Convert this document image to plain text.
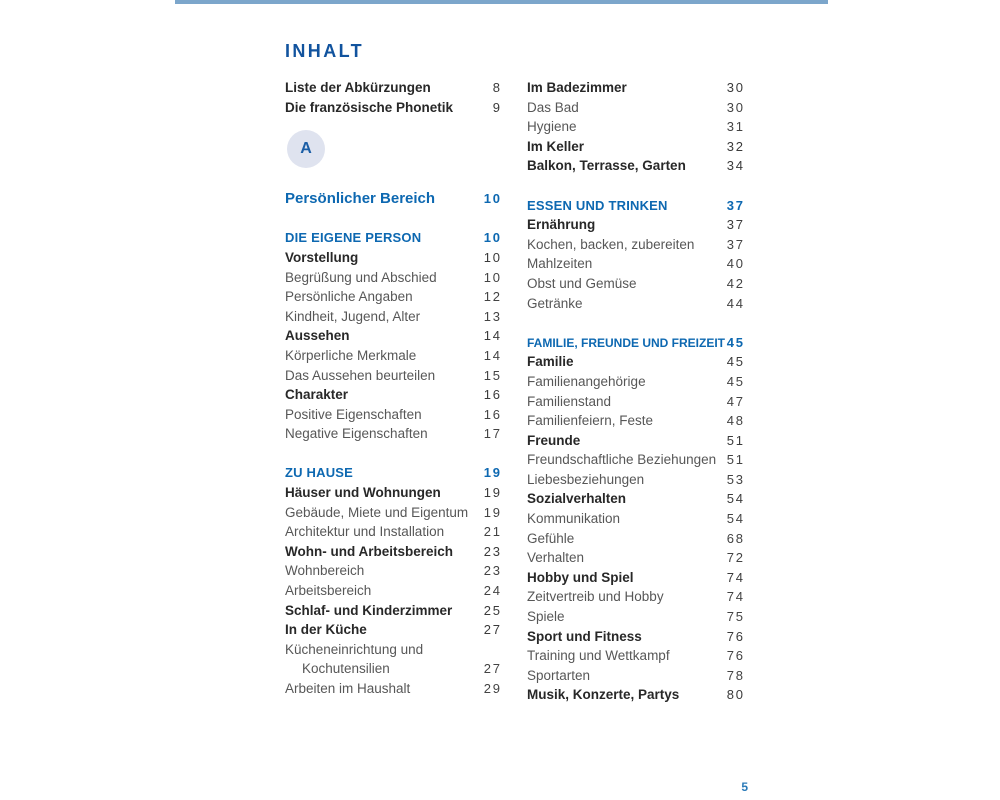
INHALT
Liste der Abkürzungen	8
Die französische Phonetik	9
A
Persönlicher Bereich	10
DIE EIGENE PERSON	10
Vorstellung	10
Begrüßung und Abschied	10
Persönliche Angaben	12
Kindheit, Jugend, Alter	13
Aussehen	14
Körperliche Merkmale	14
Das Aussehen beurteilen	15
Charakter	16
Positive Eigenschaften	16
Negative Eigenschaften	17
ZU HAUSE	19
Häuser und Wohnungen	19
Gebäude, Miete und Eigentum 19
Architektur und Installation	21
Wohn- und Arbeitsbereich 23
Wohnbereich	23
Arbeitsbereich	24
Schlaf- und Kinderzimmer 25
In der Küche	27
Kücheneinrichtung und
Kochutensilien	27
Arbeiten im Haushalt	29
Im Badezimmer	30
Das Bad	30
Hygiene	31
Im Keller	32
Balkon, Terrasse, Garten	34
ESSEN UND TRINKEN	37
Ernährung	37
Kochen, backen, zubereiten 37
Mahlzeiten	40
Obst und Gemüse	42
Getränke	44
FAMILIE, FREUNDE UND FREIZEIT 45
Familie	45
Familienangehörige	45
Familienstand	47
Familienfeiern, Feste	48
Freunde	51
Freundschaftliche Beziehungen 51
Liebesbeziehungen	53
Sozialverhalten	54
Kommunikation	54
Gefühle	68
Verhalten	72
Hobby und Spiel	74
Zeitvertreib und Hobby	74
Spiele	75
Sport und Fitness	76
Training und Wettkampf	76
Sportarten	78
Musik, Konzerte, Partys	80
5
